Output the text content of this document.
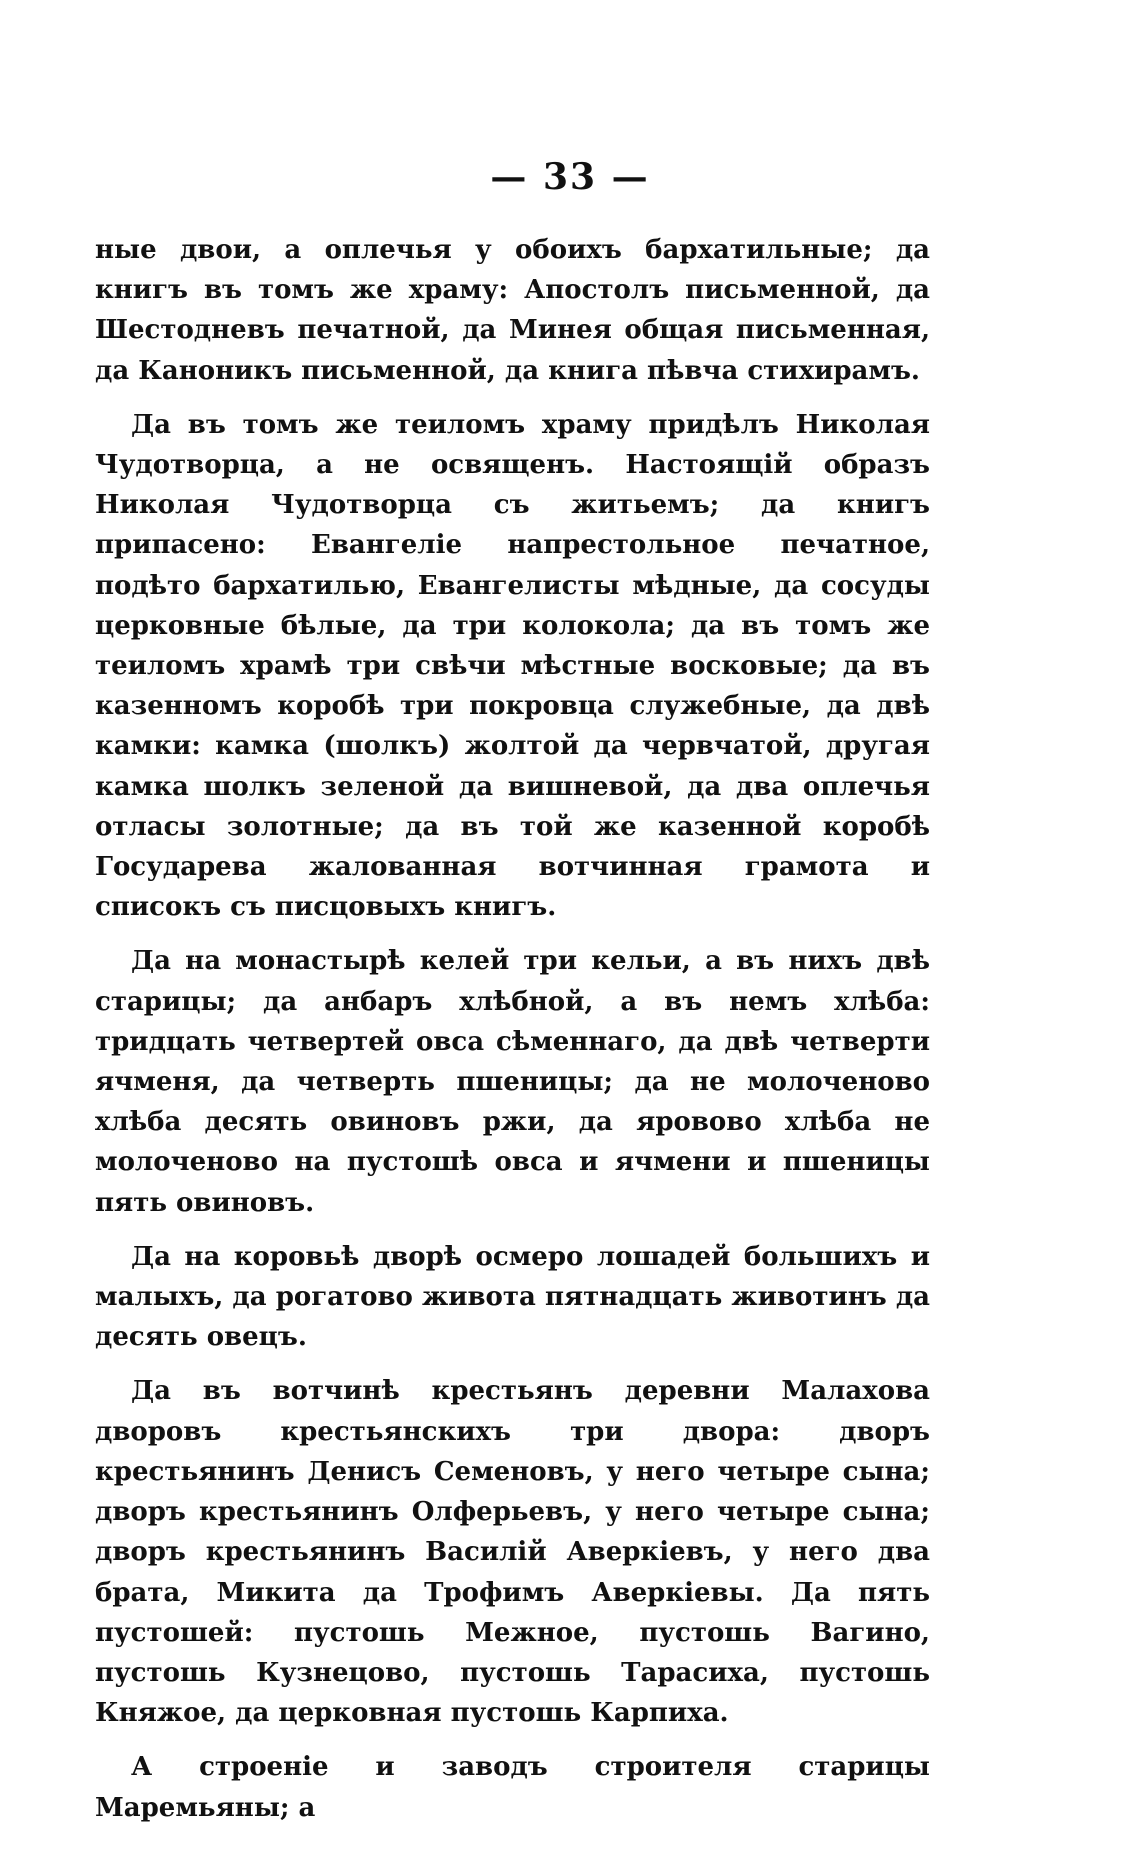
— 33 —

ные двои, а оплечья у обоихъ бархатильные; да книгъ въ томъ же храму: Апостолъ письменной, да Шестодневъ печатной, да Минея общая письменная, да Каноникъ письменной, да книга пѣвча стихирамъ.

Да въ томъ же теиломъ храму придѣлъ Николая Чудотворца, а не освященъ. Настоящій образъ Николая Чудотворца съ житьемъ; да книгъ припасено: Евангеліе напрестольное печатное, подѣто бархатилью, Евангелисты мѣдные, да сосуды церковные бѣлые, да три колокола; да въ томъ же теиломъ храмѣ три свѣчи мѣстные восковые; да въ казенномъ коробѣ три покровца служебные, да двѣ камки: камка (шолкъ) жолтой да червчатой, другая камка шолкъ зеленой да вишневой, да два оплечья отласы золотные; да въ той же казенной коробѣ Государева жалованная вотчинная грамота и списокъ съ писцовыхъ книгъ.

Да на монастырѣ келей три кельи, а въ нихъ двѣ старицы; да анбаръ хлѣбной, а въ немъ хлѣба: тридцать четвертей овса сѣменнаго, да двѣ четверти ячменя, да четверть пшеницы; да не молоченово хлѣба десять овиновъ ржи, да яровово хлѣба не молоченово на пустошѣ овса и ячмени и пшеницы пять овиновъ.

Да на коровьѣ дворѣ осмеро лошадей большихъ и малыхъ, да рогатово живота пятнадцать животинъ да десять овецъ.

Да въ вотчинѣ крестьянъ деревни Малахова дворовъ крестьянскихъ три двора: дворъ крестьянинъ Денисъ Семеновъ, у него четыре сына; дворъ крестьянинъ Олферьевъ, у него четыре сына; дворъ крестьянинъ Василій Аверкіевъ, у него два брата, Микита да Трофимъ Аверкіевы. Да пять пустошей: пустошь Межное, пустошь Вагино, пустошь Кузнецово, пустошь Тарасиха, пустошь Княжое, да церковная пустошь Карпиха.

А строеніе и заводъ строителя старицы Маремьяны; а
